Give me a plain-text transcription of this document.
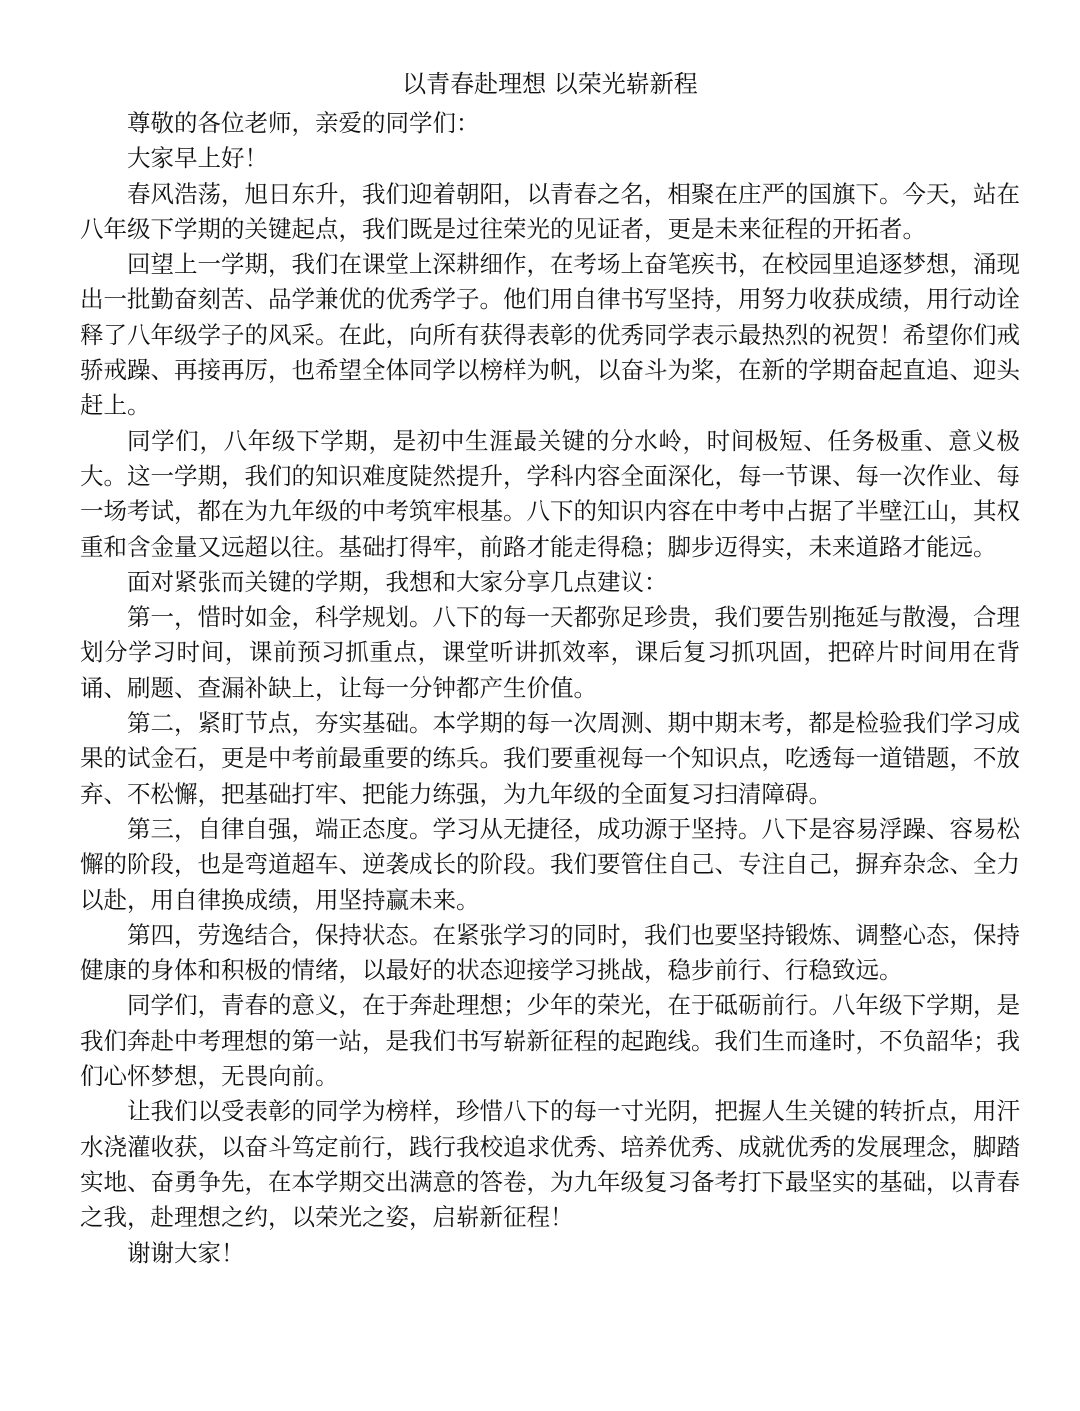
以青春赴理想 以荣光崭新程

尊敬的各位老师，亲爱的同学们：

大家早上好！

春风浩荡，旭日东升，我们迎着朝阳，以青春之名，相聚在庄严的国旗下。今天，站在八年级下学期的关键起点，我们既是过往荣光的见证者，更是未来征程的开拓者。

回望上一学期，我们在课堂上深耕细作，在考场上奋笔疾书，在校园里追逐梦想，涌现出一批勤奋刻苦、品学兼优的优秀学子。他们用自律书写坚持，用努力收获成绩，用行动诠释了八年级学子的风采。在此，向所有获得表彰的优秀同学表示最热烈的祝贺！希望你们戒骄戒躁、再接再厉，也希望全体同学以榜样为帆，以奋斗为桨，在新的学期奋起直追、迎头赶上。

同学们，八年级下学期，是初中生涯最关键的分水岭，时间极短、任务极重、意义极大。这一学期，我们的知识难度陡然提升，学科内容全面深化，每一节课、每一次作业、每一场考试，都在为九年级的中考筑牢根基。八下的知识内容在中考中占据了半壁江山，其权重和含金量又远超以往。基础打得牢，前路才能走得稳；脚步迈得实，未来道路才能远。

面对紧张而关键的学期，我想和大家分享几点建议：

第一，惜时如金，科学规划。八下的每一天都弥足珍贵，我们要告别拖延与散漫，合理划分学习时间，课前预习抓重点，课堂听讲抓效率，课后复习抓巩固，把碎片时间用在背诵、刷题、查漏补缺上，让每一分钟都产生价值。

第二，紧盯节点，夯实基础。本学期的每一次周测、期中期末考，都是检验我们学习成果的试金石，更是中考前最重要的练兵。我们要重视每一个知识点，吃透每一道错题，不放弃、不松懈，把基础打牢、把能力练强，为九年级的全面复习扫清障碍。

第三，自律自强，端正态度。学习从无捷径，成功源于坚持。八下是容易浮躁、容易松懈的阶段，也是弯道超车、逆袭成长的阶段。我们要管住自己、专注自己，摒弃杂念、全力以赴，用自律换成绩，用坚持赢未来。

第四，劳逸结合，保持状态。在紧张学习的同时，我们也要坚持锻炼、调整心态，保持健康的身体和积极的情绪，以最好的状态迎接学习挑战，稳步前行、行稳致远。

同学们，青春的意义，在于奔赴理想；少年的荣光，在于砥砺前行。八年级下学期，是我们奔赴中考理想的第一站，是我们书写崭新征程的起跑线。我们生而逢时，不负韶华；我们心怀梦想，无畏向前。

让我们以受表彰的同学为榜样，珍惜八下的每一寸光阴，把握人生关键的转折点，用汗水浇灌收获，以奋斗笃定前行，践行我校追求优秀、培养优秀、成就优秀的发展理念，脚踏实地、奋勇争先，在本学期交出满意的答卷，为九年级复习备考打下最坚实的基础，以青春之我，赴理想之约，以荣光之姿，启崭新征程！

谢谢大家！
